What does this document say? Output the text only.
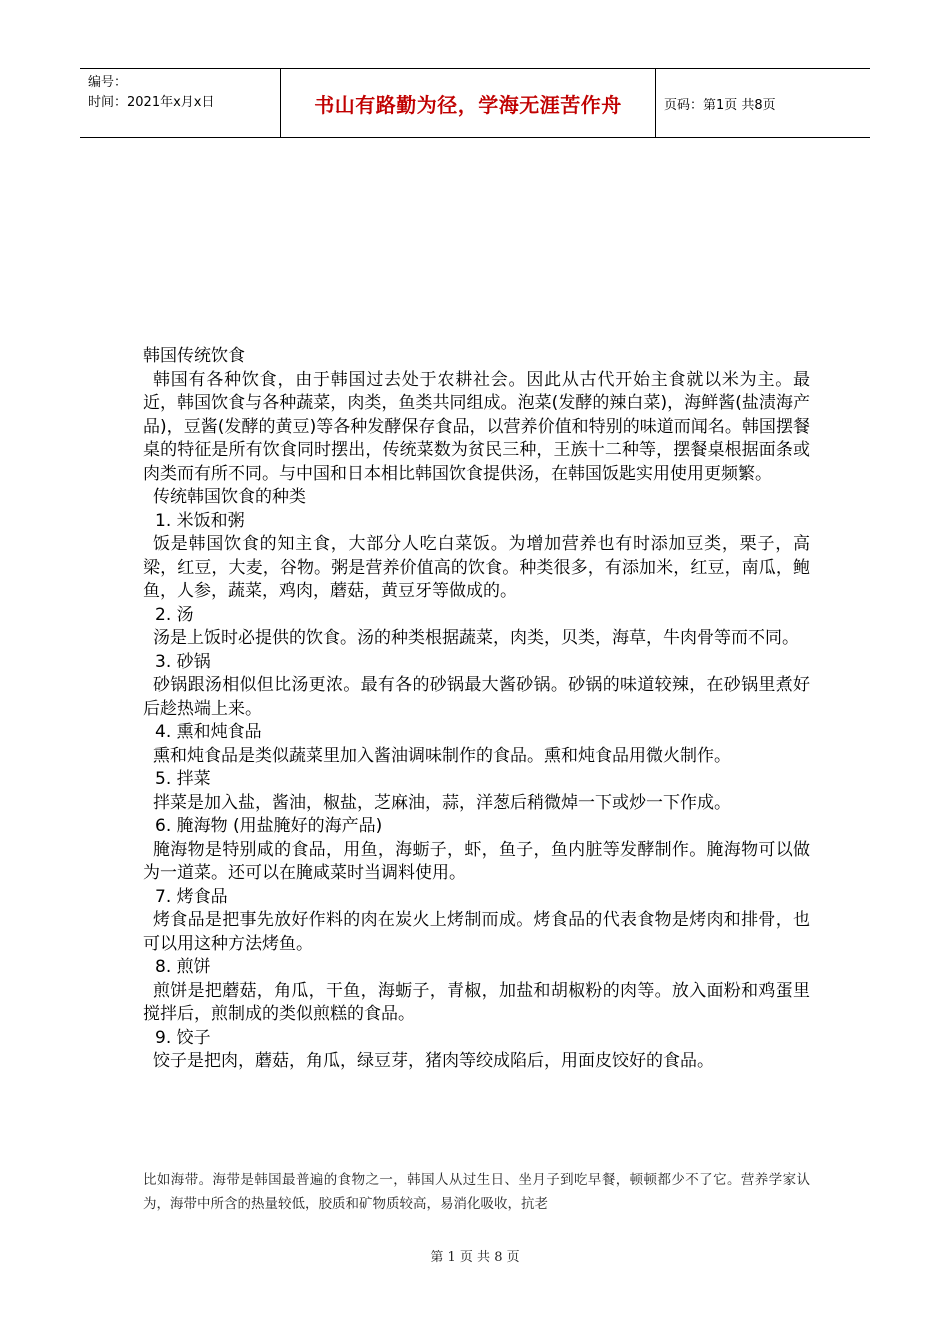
编号：
时间：2021年x月x日	书山有路勤为径，学海无涯苦作舟	页码：第1页 共8页

韩国传统饮食

韩国有各种饮食，由于韩国过去处于农耕社会。因此从古代开始主食就以米为主。最近，韩国饮食与各种蔬菜，肉类，鱼类共同组成。泡菜(发酵的辣白菜)，海鲜酱(盐渍海产品)，豆酱(发酵的黄豆)等各种发酵保存食品，以营养价值和特别的味道而闻名。韩国摆餐桌的特征是所有饮食同时摆出，传统菜数为贫民三种，王族十二种等，摆餐桌根据面条或肉类而有所不同。与中国和日本相比韩国饮食提供汤，在韩国饭匙实用使用更频繁。

传统韩国饮食的种类

1. 米饭和粥

饭是韩国饮食的知主食，大部分人吃白菜饭。为增加营养也有时添加豆类，栗子，高梁，红豆，大麦，谷物。粥是营养价值高的饮食。种类很多，有添加米，红豆，南瓜，鲍鱼，人参，蔬菜，鸡肉，蘑菇，黄豆牙等做成的。

2. 汤

汤是上饭时必提供的饮食。汤的种类根据蔬菜，肉类，贝类，海草，牛肉骨等而不同。

3. 砂锅

砂锅跟汤相似但比汤更浓。最有各的砂锅最大酱砂锅。砂锅的味道较辣，在砂锅里煮好后趁热端上来。

4. 熏和炖食品

熏和炖食品是类似蔬菜里加入酱油调味制作的食品。熏和炖食品用微火制作。

5. 拌菜

拌菜是加入盐，酱油，椒盐，芝麻油，蒜，洋葱后稍微焯一下或炒一下作成。

6. 腌海物 (用盐腌好的海产品)

腌海物是特别咸的食品，用鱼，海蛎子，虾，鱼子，鱼内脏等发酵制作。腌海物可以做为一道菜。还可以在腌咸菜时当调料使用。

7. 烤食品

烤食品是把事先放好作料的肉在炭火上烤制而成。烤食品的代表食物是烤肉和排骨，也可以用这种方法烤鱼。

8. 煎饼

煎饼是把蘑菇，角瓜，干鱼，海蛎子，青椒，加盐和胡椒粉的肉等。放入面粉和鸡蛋里搅拌后，煎制成的类似煎糕的食品。

9. 饺子

饺子是把肉，蘑菇，角瓜，绿豆芽，猪肉等绞成陷后，用面皮饺好的食品。

比如海带。海带是韩国最普遍的食物之一，韩国人从过生日、坐月子到吃早餐，顿顿都少不了它。营养学家认为，海带中所含的热量较低，胶质和矿物质较高，易消化吸收，抗老
第 1 页 共 8 页
